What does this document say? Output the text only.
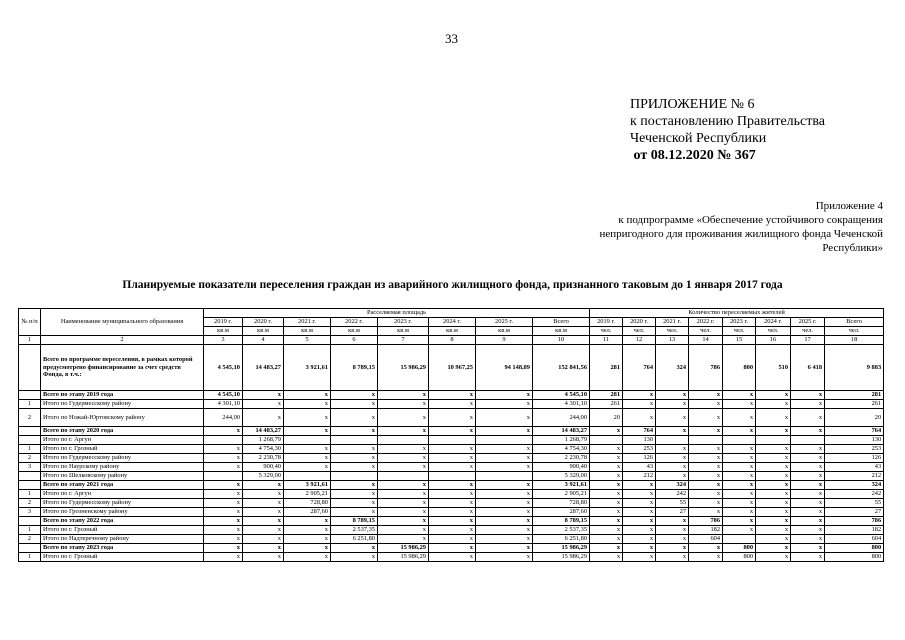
33
ПРИЛОЖЕНИЕ № 6
к постановлению Правительства
Чеченской Республики
от 08.12.2020 № 367
Приложение 4
к подпрограмме «Обеспечение устойчивого сокращения
непригодного для проживания жилищного фонда Чеченской
Республики»
Планируемые показатели переселения граждан из аварийного жилищного фонда, признанного таковым до 1 января 2017 года
№ п/п	Наименование муниципального образования	Расселяемая площадь								Количество переселяемых жителей							
		2019 г.	2020 г.	2021 г.	2022 г.	2023 г.	2024 г.	2025 г.	Всего	2019 г.	2020 г.	2021 г.	2022 г.	2023 г.	2024 г.	2025 г.	Всего
		кв.м	кв.м	кв.м	кв.м	кв.м	кв.м	кв.м	кв.м	чел.	чел.	чел.	чел.	чел.	чел.	чел.	чел.
1	2	3	4	5	6	7	8	9	10	11	12	13	14	15	16	17	18
	Всего по программе переселения, в рамках которой предусмотрено финансирование за счет средств Фонда, в т.ч.:	4 545,10	14 483,27	3 921,61	8 789,15	15 986,29	10 967,25	94 148,89	152 841,56	281	764	324	786	800	510	6 418	9 883
	Всего по этапу 2019 года	4 545,10	x	x	x	x	x	x	4 545,10	281	x	x	x	x	x	x	281
1	Итого по Гудермесскому району	4 301,10	x	x	x	x	x	x	4 301,10	261	x	x	x	x	x	x	261
2	Итого по Ножай-Юртовскому району	244,00	x	x	x	x	x	x	244,00	20	x	x	x	x	x	x	20
	Всего по этапу 2020 года	x	14 483,27	x	x	x	x	x	14 483,27	x	764	x	x	x	x	x	764
	Итого по г. Аргун		1 268,79						1 268,79		130						130
1	Итого по г. Грозный	x	4 754,30	x	x	x	x	x	4 754,30	x	253	x	x	x	x	x	253
2	Итого по Гудермесскому району	x	2 230,78	x	x	x	x	x	2 230,78	x	126	x	x	x	x	x	126
3	Итого по Наурскому району	x	900,40	x	x	x	x	x	900,40	x	43	x	x	x	x	x	43
	Итого по Шелковскому району		5 329,00						5 329,00	x	212	x	x	x	x	x	212
	Всего по этапу 2021 года	x	x	3 921,61	x	x	x	x	3 921,61	x	x	324	x	x	x	x	324
1	Итого по г. Аргун	x	x	2 905,21	x	x	x	x	2 905,21	x	x	242	x	x	x	x	242
2	Итого по Гудермесскому району	x	x	728,80	x	x	x	x	728,80	x	x	55	x	x	x	x	55
3	Итого по Грозненскому району	x	x	287,60	x	x	x	x	287,60	x	x	27	x	x	x	x	27
	Всего по этапу 2022 года	x	x	x	8 789,15	x	x	x	8 789,15	x	x	x	786	x	x	x	786
1	Итого по г. Грозный	x	x	x	2 537,35	x	x	x	2 537,35	x	x	x	182	x	x	x	182
2	Итого по Надтеречному району	x	x	x	6 251,80	x	x	x	6 251,80	x	x	x	604		x	x	604
	Всего по этапу 2023 года	x	x	x	x	15 986,29	x	x	15 986,29	x	x	x	x	800	x	x	800
1	Итого по г. Грозный	x	x	x	x	15 986,29	x	x	15 986,29	x	x	x	x	800	x	x	800
